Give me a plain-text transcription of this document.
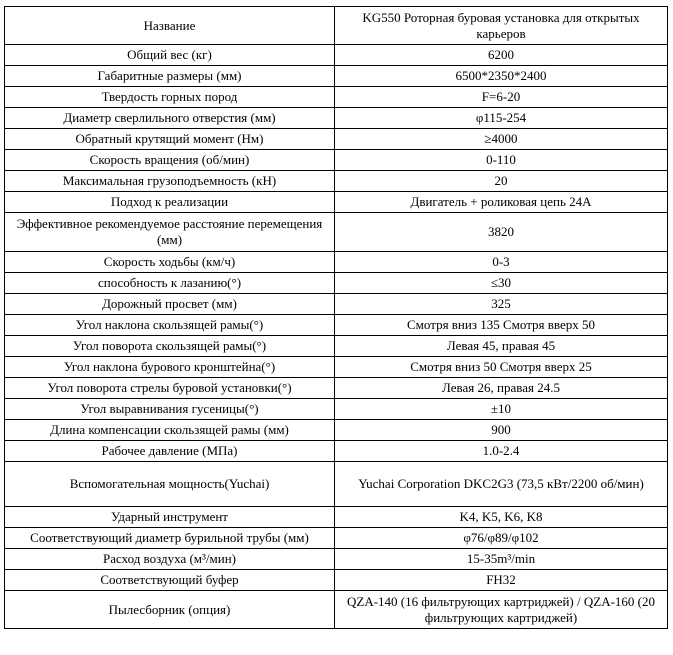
Название	KG550 Роторная буровая установка для открытых карьеров
Общий вес (кг)	6200
Габаритные размеры (мм)	6500*2350*2400
Твердость горных пород	F=6-20
Диаметр сверлильного отверстия (мм)	φ115-254
Обратный крутящий момент (Нм)	≥4000
Скорость вращения (об/мин)	0-110
Максимальная грузоподъемность (кН)	20
Подход к реализации	Двигатель + роликовая цепь 24A
Эффективное рекомендуемое расстояние перемещения (мм)	3820
Скорость ходьбы (км/ч)	0-3
способность к лазанию(°)	≤30
Дорожный просвет (мм)	325
Угол наклона скользящей рамы(°)	Смотря вниз 135 Смотря вверх 50
Угол поворота скользящей рамы(°)	Левая 45, правая 45
Угол наклона бурового кронштейна(°)	Смотря вниз 50 Смотря вверх 25
Угол поворота стрелы буровой установки(°)	Левая 26, правая 24.5
Угол выравнивания гусеницы(°)	±10
Длина компенсации скользящей рамы (мм)	900
Рабочее давление (МПа)	1.0-2.4
Вспомогательная мощность(Yuchai)	Yuchai Corporation DKC2G3 (73,5 кВт/2200 об/мин)
Ударный инструмент	K4, K5, K6, K8
Соответствующий диаметр бурильной трубы (мм)	φ76/φ89/φ102
Расход воздуха (м³/мин)	15-35m³/min
Соответствующий буфер	FH32
Пылесборник (опция)	QZA-140 (16 фильтрующих картриджей) / QZA-160 (20 фильтрующих картриджей)
